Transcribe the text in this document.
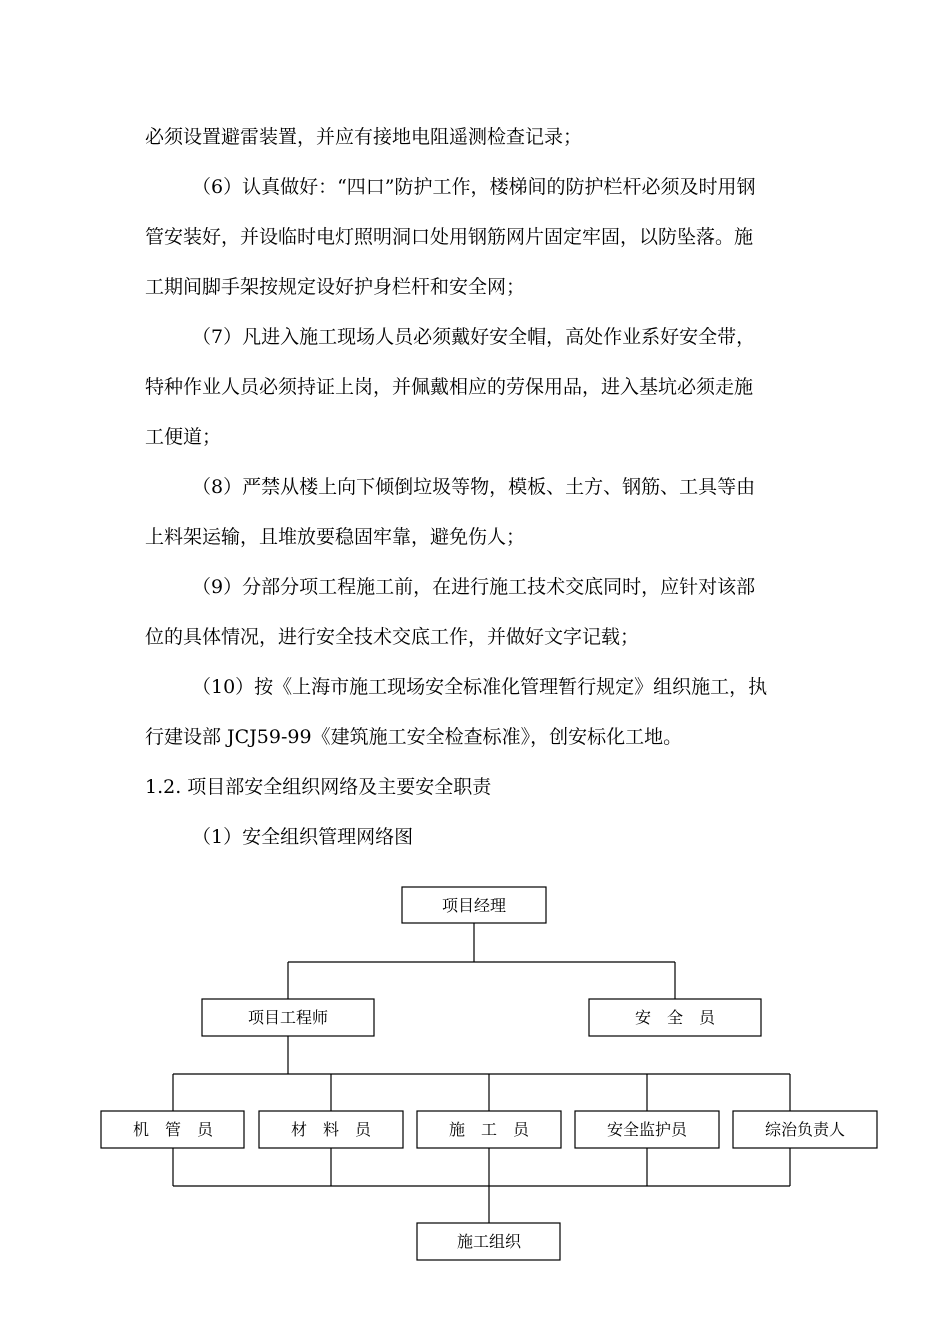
必须设置避雷装置，并应有接地电阻遥测检查记录；
（6）认真做好：“四口”防护工作，楼梯间的防护栏杆必须及时用钢
管安装好，并设临时电灯照明洞口处用钢筋网片固定牢固，以防坠落。施
工期间脚手架按规定设好护身栏杆和安全网；
（7）凡进入施工现场人员必须戴好安全帽，高处作业系好安全带，
特种作业人员必须持证上岗，并佩戴相应的劳保用品，进入基坑必须走施
工便道；
（8）严禁从楼上向下倾倒垃圾等物，模板、土方、钢筋、工具等由
上料架运输，且堆放要稳固牢靠，避免伤人；
（9）分部分项工程施工前，在进行施工技术交底同时，应针对该部
位的具体情况，进行安全技术交底工作，并做好文字记载；
（10）按《上海市施工现场安全标准化管理暂行规定》组织施工，执
行建设部 JCJ59-99《建筑施工安全检查标准》，创安标化工地。
1.2. 项目部安全组织网络及主要安全职责
（1）安全组织管理网络图
项目经理
项目工程师	安　全　员
机　管　员	材　料　员	施　工　员	安全监护员	综治负责人
施工组织
